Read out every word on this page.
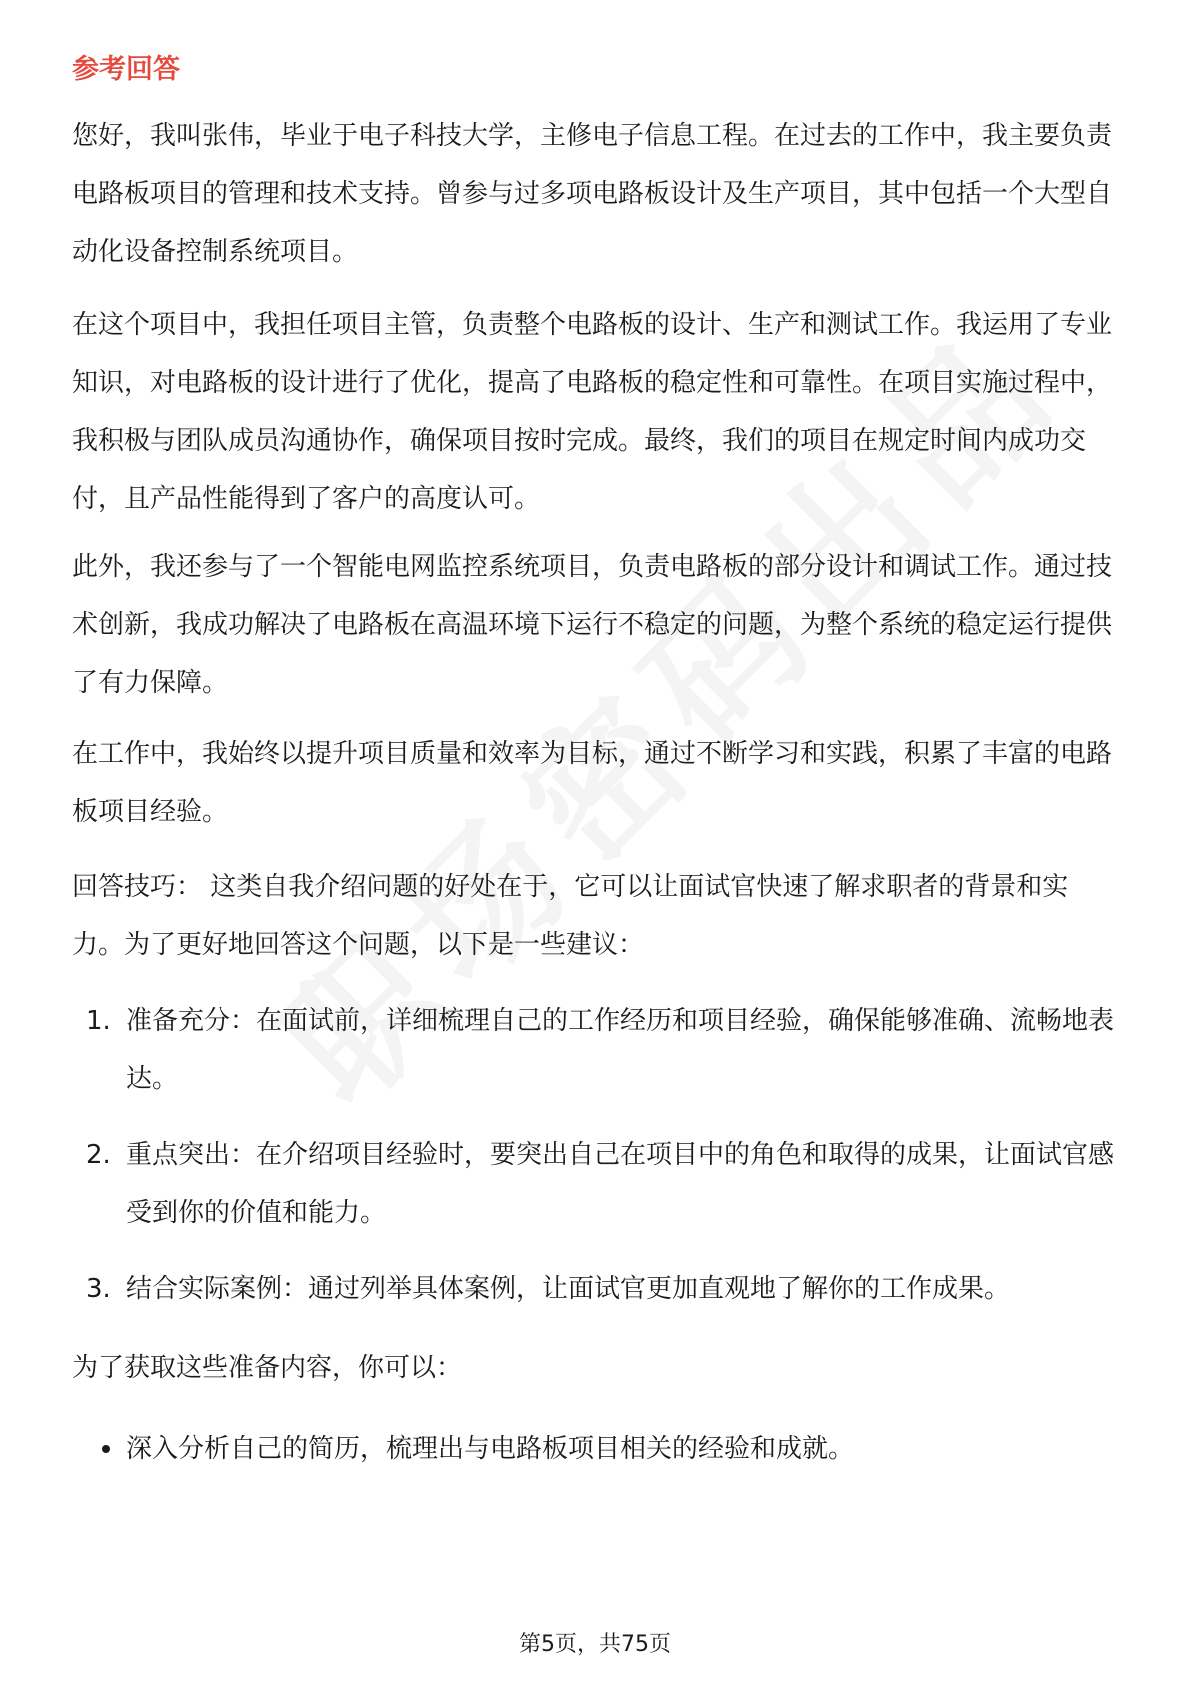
参考回答

您好，我叫张伟，毕业于电子科技大学，主修电子信息工程。在过去的工作中，我主要负责电路板项目的管理和技术支持。曾参与过多项电路板设计及生产项目，其中包括一个大型自动化设备控制系统项目。

在这个项目中，我担任项目主管，负责整个电路板的设计、生产和测试工作。我运用了专业知识，对电路板的设计进行了优化，提高了电路板的稳定性和可靠性。在项目实施过程中，我积极与团队成员沟通协作，确保项目按时完成。最终，我们的项目在规定时间内成功交付，且产品性能得到了客户的高度认可。

此外，我还参与了一个智能电网监控系统项目，负责电路板的部分设计和调试工作。通过技术创新，我成功解决了电路板在高温环境下运行不稳定的问题，为整个系统的稳定运行提供了有力保障。

在工作中，我始终以提升项目质量和效率为目标，通过不断学习和实践，积累了丰富的电路板项目经验。

回答技巧： 这类自我介绍问题的好处在于，它可以让面试官快速了解求职者的背景和实力。为了更好地回答这个问题，以下是一些建议：

1. 准备充分：在面试前，详细梳理自己的工作经历和项目经验，确保能够准确、流畅地表达。
2. 重点突出：在介绍项目经验时，要突出自己在项目中的角色和取得的成果，让面试官感受到你的价值和能力。
3. 结合实际案例：通过列举具体案例，让面试官更加直观地了解你的工作成果。

为了获取这些准备内容，你可以：

深入分析自己的简历，梳理出与电路板项目相关的经验和成就。
第5页，共75页
